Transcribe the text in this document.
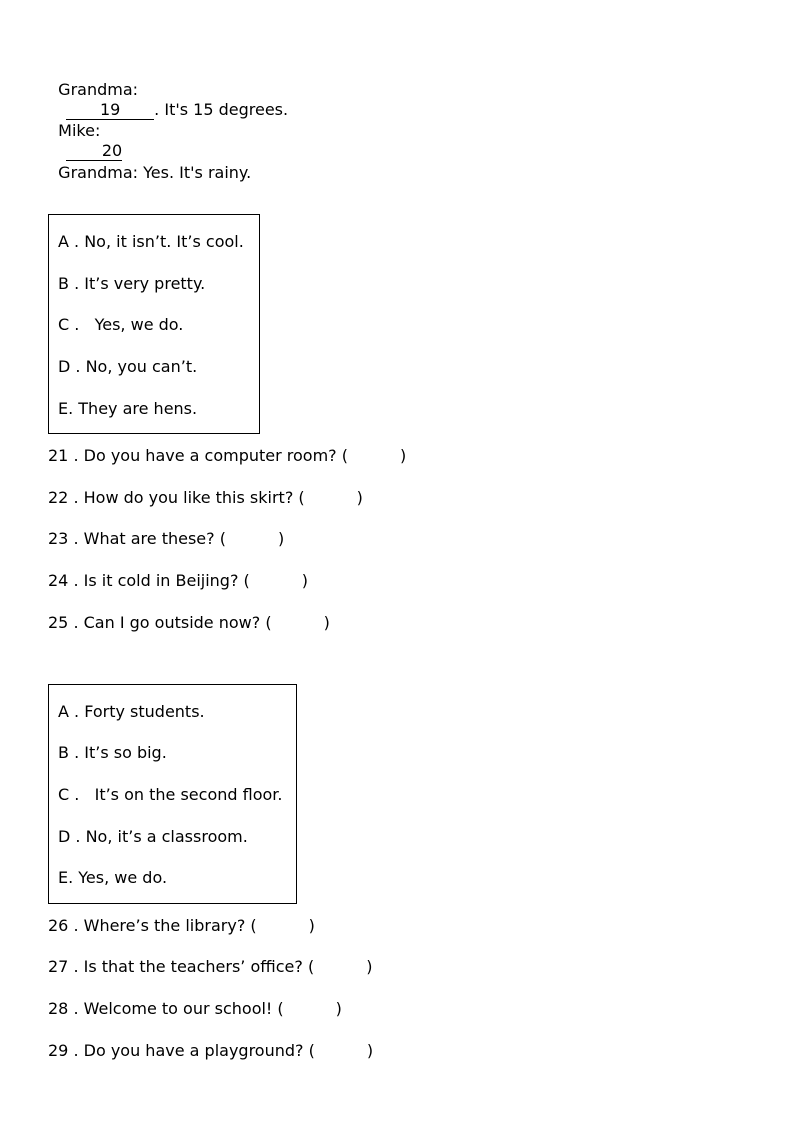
Grandma:
19 . It's 15 degrees.

Mike:
20

Grandma: Yes. It's rainy.

A . No, it isn’t. It’s cool.
B . It’s very pretty.
C .   Yes, we do.
D . No, you can’t.
E. They are hens.
21 . Do you have a computer room? (	)
22 . How do you like this skirt? (	)
23 . What are these? (	)
24 . Is it cold in Beijing? (	)
25 . Can I go outside now? (	)
A . Forty students.
B . It’s so big.
C .   It’s on the second floor.
D . No, it’s a classroom.
E. Yes, we do.
26 . Where’s the library? (	)
27 . Is that the teachers’ office? (	)
28 . Welcome to our school! (	)
29 . Do you have a playground? (	)
